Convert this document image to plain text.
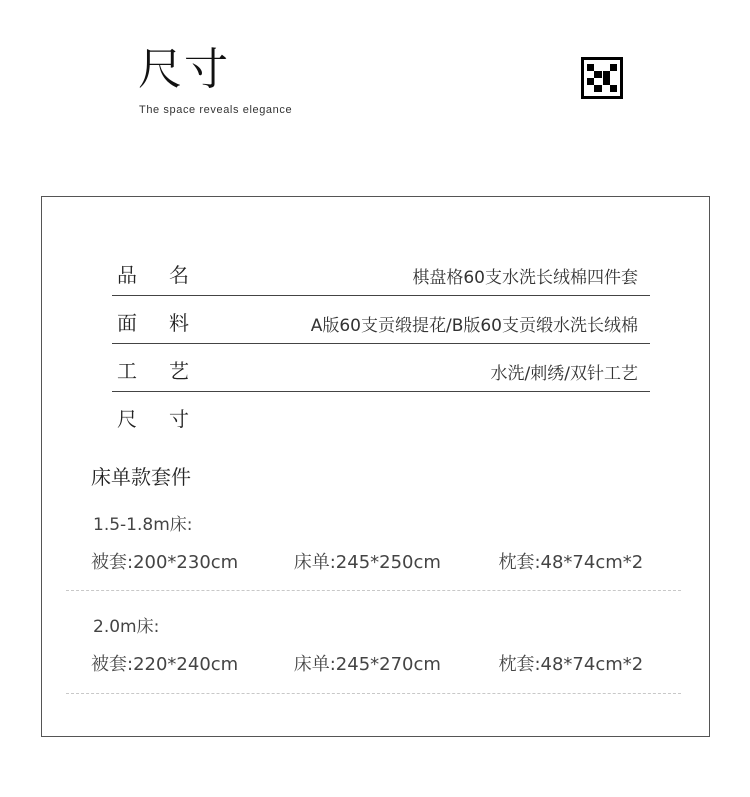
尺寸
The space reveals elegance
品	名	棋盘格60支水洗长绒棉四件套
面	料	A版60支贡缎提花/B版60支贡缎水洗长绒棉
工	艺	水洗/刺绣/双针工艺
尺	寸
床单款套件
1.5-1.8m床:
被套:200*230cm	床单:245*250cm	枕套:48*74cm*2
2.0m床:
被套:220*240cm	床单:245*270cm	枕套:48*74cm*2
